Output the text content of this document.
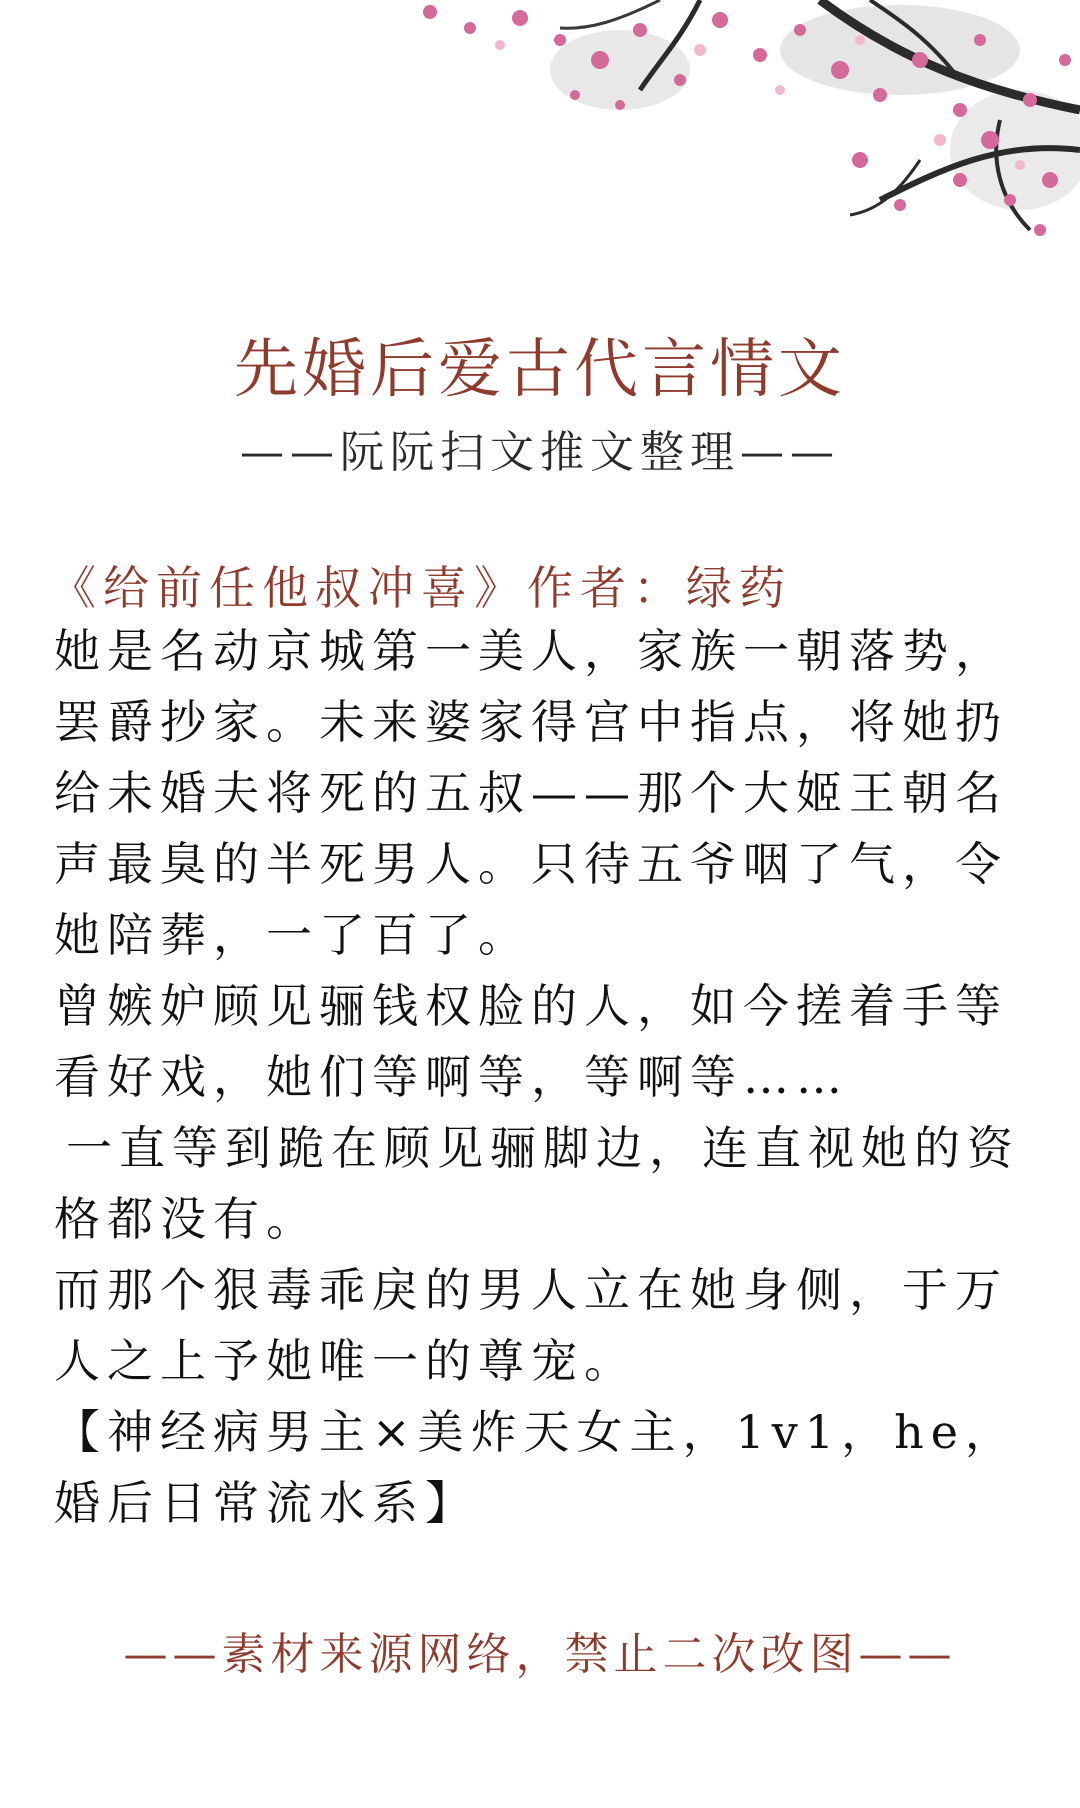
先婚后爱古代言情文
——阮阮扫文推文整理——
《给前任他叔冲喜》作者：绿药

她是名动京城第一美人，家族一朝落势，罢爵抄家。未来婆家得宫中指点，将她扔给未婚夫将死的五叔——那个大姬王朝名声最臭的半死男人。只待五爷咽了气，令她陪葬，一了百了。

曾嫉妒顾见骊钱权脸的人，如今搓着手等看好戏，她们等啊等，等啊等……

一直等到跪在顾见骊脚边，连直视她的资格都没有。

而那个狠毒乖戾的男人立在她身侧，于万人之上予她唯一的尊宠。

【神经病男主×美炸天女主，1v1，he，婚后日常流水系】

——素材来源网络，禁止二次改图——
